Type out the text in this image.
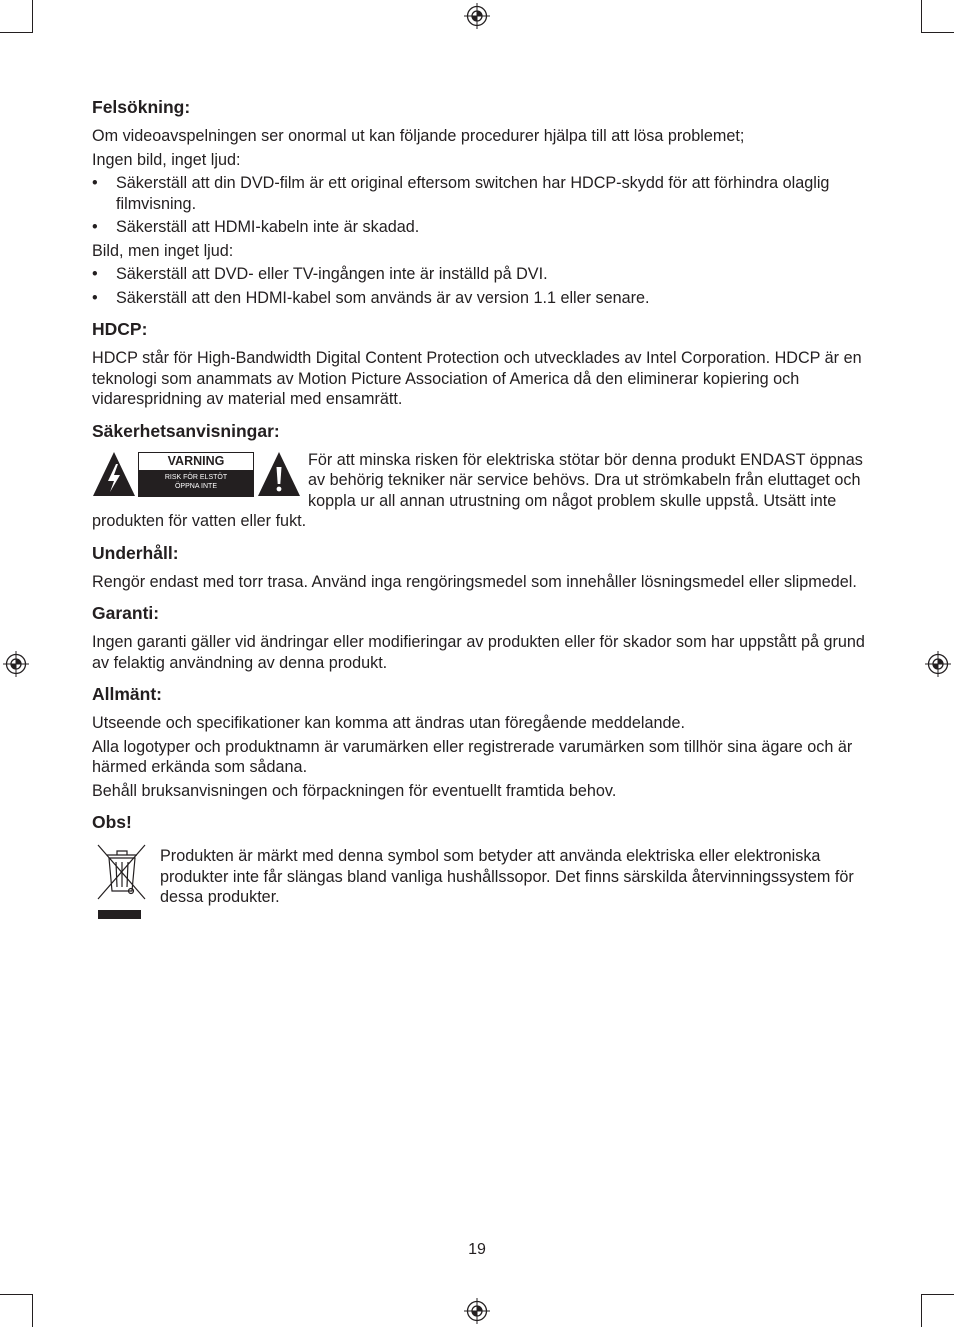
Felsökning:

Om videoavspelningen ser onormal ut kan följande procedurer hjälpa till att lösa problemet;

Ingen bild, inget ljud:

• Säkerställ att din DVD-film är ett original eftersom switchen har HDCP-skydd för att förhindra olaglig filmvisning.
• Säkerställ att HDMI-kabeln inte är skadad.

Bild, men inget ljud:

• Säkerställ att DVD- eller TV-ingången inte är inställd på DVI.
• Säkerställ att den HDMI-kabel som används är av version 1.1 eller senare.
HDCP:

HDCP står för High-Bandwidth Digital Content Protection och utvecklades av Intel Corporation. HDCP är en teknologi som anammats av Motion Picture Association of America då den eliminerar kopiering och vidarespridning av material med ensamrätt.

Säkerhetsanvisningar:
VARNING
RISK FÖR ELSTÖT
ÖPPNA INTE

För att minska risken för elektriska stötar bör denna produkt ENDAST öppnas av behörig tekniker när service behövs. Dra ut strömkabeln från eluttaget och koppla ur all annan utrustning om något problem skulle uppstå. Utsätt inte produkten för vatten eller fukt.

Underhåll:

Rengör endast med torr trasa. Använd inga rengöringsmedel som innehåller lösningsmedel eller slipmedel.

Garanti:

Ingen garanti gäller vid ändringar eller modifieringar av produkten eller för skador som har uppstått på grund av felaktig användning av denna produkt.

Allmänt:

Utseende och specifikationer kan komma att ändras utan föregående meddelande.

Alla logotyper och produktnamn är varumärken eller registrerade varumärken som tillhör sina ägare och är härmed erkända som sådana.

Behåll bruksanvisningen och förpackningen för eventuellt framtida behov.

Obs!

Produkten är märkt med denna symbol som betyder att använda elektriska eller elektroniska produkter inte får slängas bland vanliga hushållssopor. Det finns särskilda återvinningssystem för dessa produkter.

19
